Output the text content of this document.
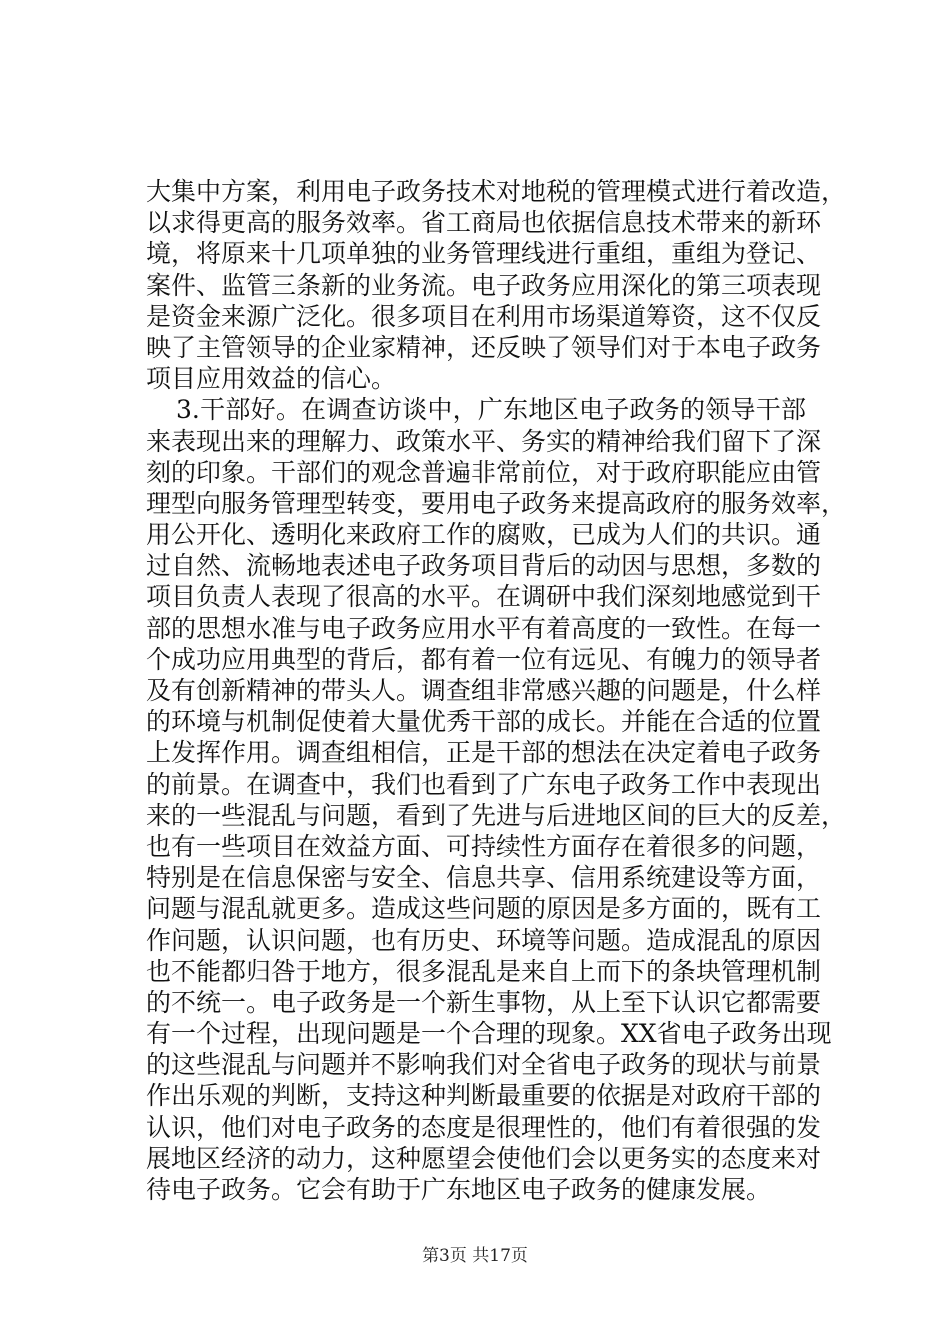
大集中方案，利用电子政务技术对地税的管理模式进行着改造，
以求得更高的服务效率。省工商局也依据信息技术带来的新环
境，将原来十几项单独的业务管理线进行重组，重组为登记、
案件、监管三条新的业务流。电子政务应用深化的第三项表现
是资金来源广泛化。很多项目在利用市场渠道筹资，这不仅反
映了主管领导的企业家精神，还反映了领导们对于本电子政务
项目应用效益的信心。
3.干部好。在调查访谈中，广东地区电子政务的领导干部
来表现出来的理解力、政策水平、务实的精神给我们留下了深
刻的印象。干部们的观念普遍非常前位，对于政府职能应由管
理型向服务管理型转变，要用电子政务来提高政府的服务效率，
用公开化、透明化来政府工作的腐败，已成为人们的共识。通
过自然、流畅地表述电子政务项目背后的动因与思想，多数的
项目负责人表现了很高的水平。在调研中我们深刻地感觉到干
部的思想水准与电子政务应用水平有着高度的一致性。在每一
个成功应用典型的背后，都有着一位有远见、有魄力的领导者
及有创新精神的带头人。调查组非常感兴趣的问题是，什么样
的环境与机制促使着大量优秀干部的成长。并能在合适的位置
上发挥作用。调查组相信，正是干部的想法在决定着电子政务
的前景。在调查中，我们也看到了广东电子政务工作中表现出
来的一些混乱与问题，看到了先进与后进地区间的巨大的反差，
也有一些项目在效益方面、可持续性方面存在着很多的问题，
特别是在信息保密与安全、信息共享、信用系统建设等方面，
问题与混乱就更多。造成这些问题的原因是多方面的，既有工
作问题，认识问题，也有历史、环境等问题。造成混乱的原因
也不能都归咎于地方，很多混乱是来自上而下的条块管理机制
的不统一。电子政务是一个新生事物，从上至下认识它都需要
有一个过程，出现问题是一个合理的现象。XX省电子政务出现
的这些混乱与问题并不影响我们对全省电子政务的现状与前景
作出乐观的判断，支持这种判断最重要的依据是对政府干部的
认识，他们对电子政务的态度是很理性的，他们有着很强的发
展地区经济的动力，这种愿望会使他们会以更务实的态度来对
待电子政务。它会有助于广东地区电子政务的健康发展。
第3页 共17页
